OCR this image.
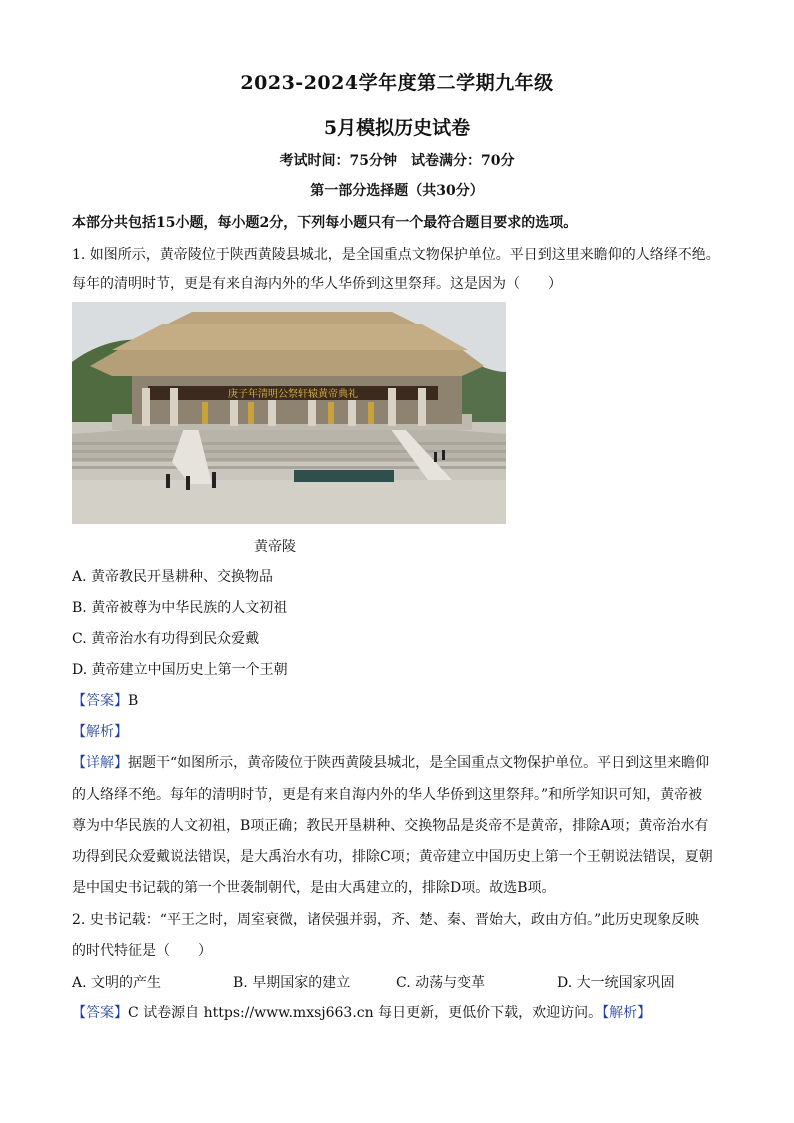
2023-2024学年度第二学期九年级
5月模拟历史试卷
考试时间：75分钟　试卷满分：70分
第一部分选择题（共30分）
本部分共包括15小题，每小题2分，下列每小题只有一个最符合题目要求的选项。
1. 如图所示，黄帝陵位于陕西黄陵县城北，是全国重点文物保护单位。平日到这里来瞻仰的人络绎不绝。
每年的清明时节，更是有来自海内外的华人华侨到这里祭拜。这是因为（　　）
庚子年清明公祭轩辕黄帝典礼
黄帝陵
A. 黄帝教民开垦耕种、交换物品
B. 黄帝被尊为中华民族的人文初祖
C. 黄帝治水有功得到民众爱戴
D. 黄帝建立中国历史上第一个王朝
【答案】B
【解析】
【详解】据题干“如图所示，黄帝陵位于陕西黄陵县城北，是全国重点文物保护单位。平日到这里来瞻仰
的人络绎不绝。每年的清明时节，更是有来自海内外的华人华侨到这里祭拜。”和所学知识可知，黄帝被
尊为中华民族的人文初祖，B项正确；教民开垦耕种、交换物品是炎帝不是黄帝，排除A项；黄帝治水有
功得到民众爱戴说法错误，是大禹治水有功，排除C项；黄帝建立中国历史上第一个王朝说法错误，夏朝
是中国史书记载的第一个世袭制朝代，是由大禹建立的，排除D项。故选B项。
2. 史书记载：“平王之时，周室衰微，诸侯强并弱，齐、楚、秦、晋始大，政由方伯。”此历史现象反映
的时代特征是（　　）
A. 文明的产生	B. 早期国家的建立	C. 动荡与变革	D. 大一统国家巩固
【答案】C 试卷源自 https://www.mxsj663.cn 每日更新，更低价下载，欢迎访问。【解析】
